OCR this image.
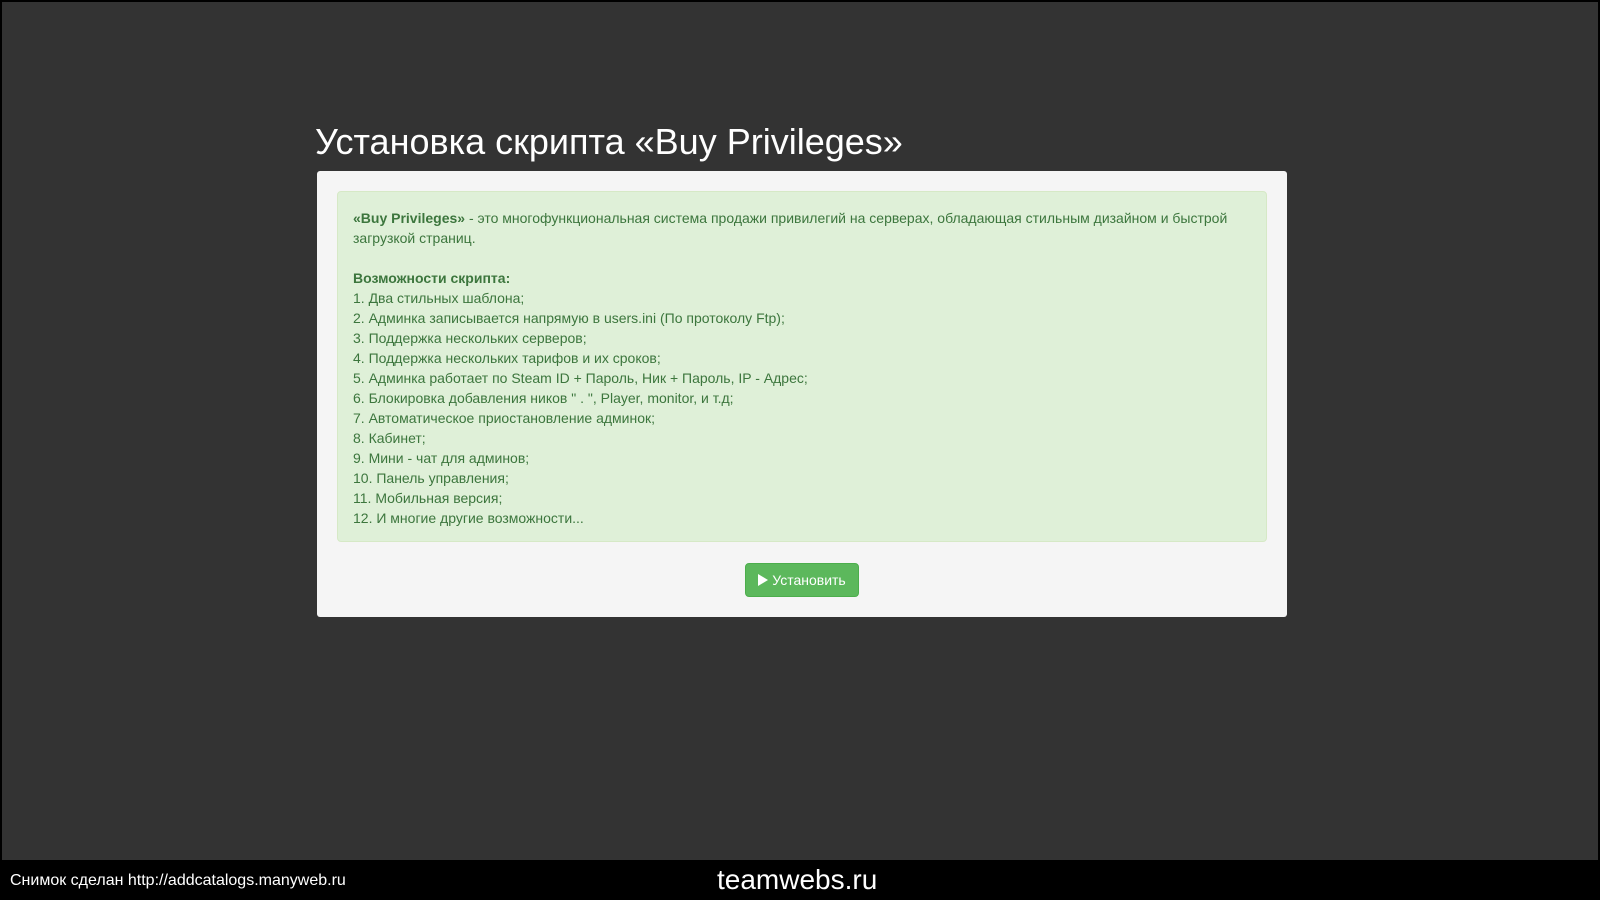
Установка скрипта «Buy Privileges»

«Buy Privileges» - это многофункциональная система продажи привилегий на серверах, обладающая стильным дизайном и быстрой загрузкой страниц.

Возможности скрипта:

1. Два стильных шаблона;
2. Админка записывается напрямую в users.ini (По протоколу Ftp);
3. Поддержка нескольких серверов;
4. Поддержка нескольких тарифов и их сроков;
5. Админка работает по Steam ID + Пароль, Ник + Пароль, IP - Адрес;
6. Блокировка добавления ников " . ", Player, monitor, и т.д;
7. Автоматическое приостановление админок;
8. Кабинет;
9. Мини - чат для админов;
10. Панель управления;
11. Мобильная версия;
12. И многие другие возможности...
Установить
Снимок сделан http://addcatalogs.manyweb.ru	teamwebs.ru
